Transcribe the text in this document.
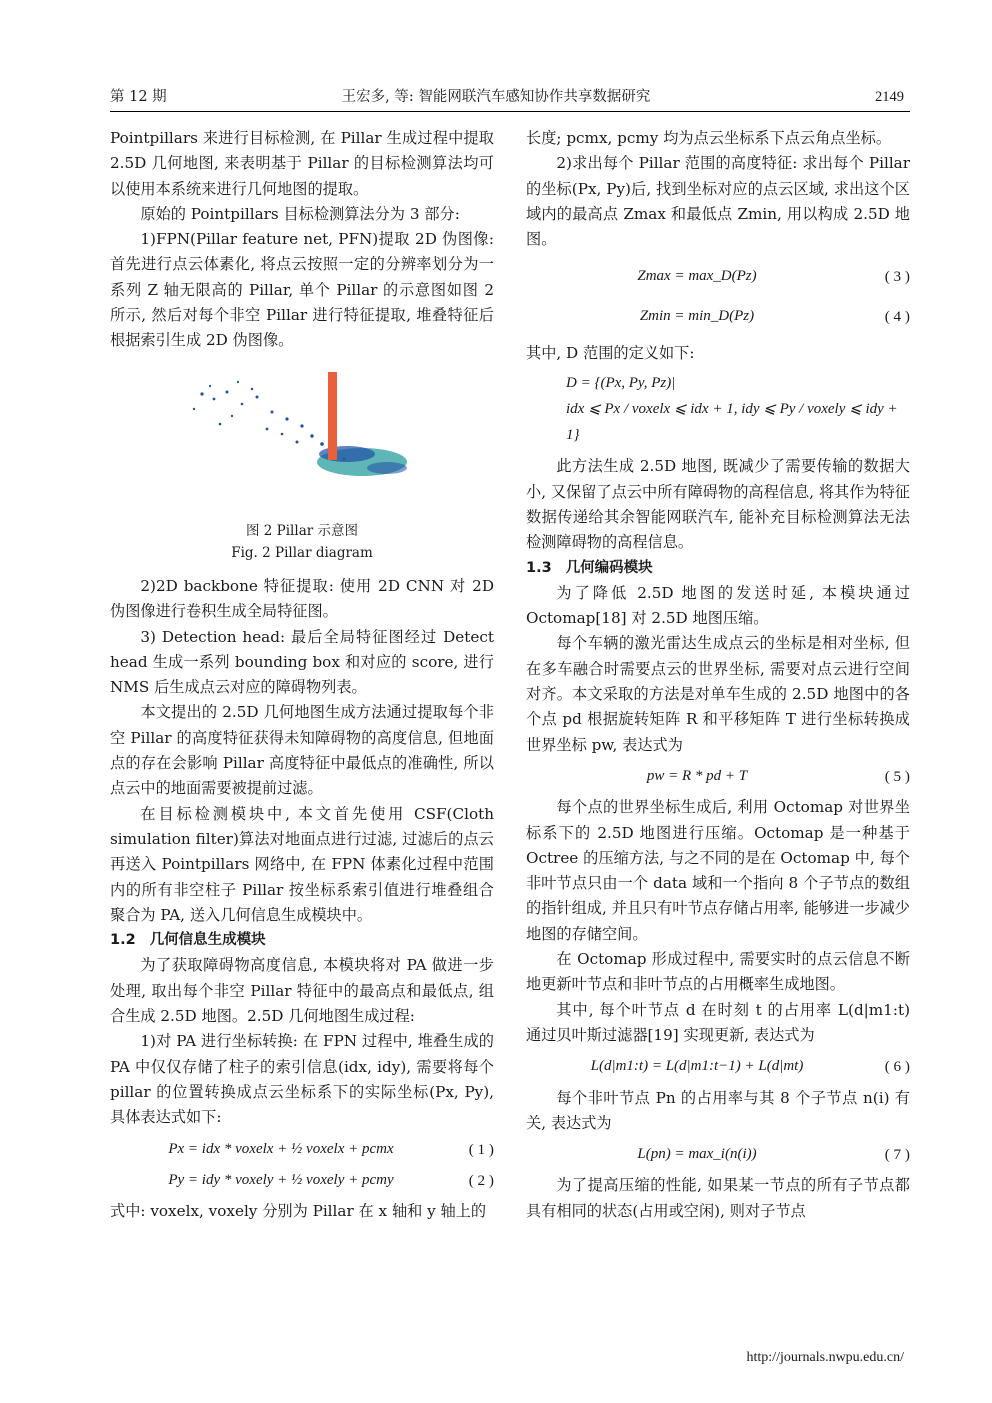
第 12 期	王宏多, 等: 智能网联汽车感知协作共享数据研究	2149

Pointpillars 来进行目标检测, 在 Pillar 生成过程中提取 2.5D 几何地图, 来表明基于 Pillar 的目标检测算法均可以使用本系统来进行几何地图的提取。

原始的 Pointpillars 目标检测算法分为 3 部分:

1)FPN(Pillar feature net, PFN)提取 2D 伪图像: 首先进行点云体素化, 将点云按照一定的分辨率划分为一系列 Z 轴无限高的 Pillar, 单个 Pillar 的示意图如图 2 所示, 然后对每个非空 Pillar 进行特征提取, 堆叠特征后根据索引生成 2D 伪图像。

图 2 Pillar 示意图

Fig. 2 Pillar diagram

2)2D backbone 特征提取: 使用 2D CNN 对 2D 伪图像进行卷积生成全局特征图。

3) Detection head: 最后全局特征图经过 Detect head 生成一系列 bounding box 和对应的 score, 进行 NMS 后生成点云对应的障碍物列表。

本文提出的 2.5D 几何地图生成方法通过提取每个非空 Pillar 的高度特征获得未知障碍物的高度信息, 但地面点的存在会影响 Pillar 高度特征中最低点的准确性, 所以点云中的地面需要被提前过滤。

在目标检测模块中, 本文首先使用 CSF(Cloth simulation filter)算法对地面点进行过滤, 过滤后的点云再送入 Pointpillars 网络中, 在 FPN 体素化过程中范围内的所有非空柱子 Pillar 按坐标系索引值进行堆叠组合聚合为 PA, 送入几何信息生成模块中。

1.2 几何信息生成模块

为了获取障碍物高度信息, 本模块将对 PA 做进一步处理, 取出每个非空 Pillar 特征中的最高点和最低点, 组合生成 2.5D 地图。2.5D 几何地图生成过程:

1)对 PA 进行坐标转换: 在 FPN 过程中, 堆叠生成的 PA 中仅仅存储了柱子的索引信息(idx, idy), 需要将每个 pillar 的位置转换成点云坐标系下的实际坐标(Px, Py), 具体表达式如下:

Px = idx * voxelx + ½ voxelx + pcmx	( 1 )
Py = idy * voxely + ½ voxely + pcmy	( 2 )

式中: voxelx, voxely 分别为 Pillar 在 x 轴和 y 轴上的

长度; pcmx, pcmy 均为点云坐标系下点云角点坐标。

2)求出每个 Pillar 范围的高度特征: 求出每个 Pillar 的坐标(Px, Py)后, 找到坐标对应的点云区域, 求出这个区域内的最高点 Zmax 和最低点 Zmin, 用以构成 2.5D 地图。

Zmax = max_D(Pz)	( 3 )
Zmin = min_D(Pz)	( 4 )

其中, D 范围的定义如下:

D = {(Px, Py, Pz)|
idx ⩽ Px / voxelx ⩽ idx + 1, idy ⩽ Py / voxely ⩽ idy + 1}

此方法生成 2.5D 地图, 既减少了需要传输的数据大小, 又保留了点云中所有障碍物的高程信息, 将其作为特征数据传递给其余智能网联汽车, 能补充目标检测算法无法检测障碍物的高程信息。

1.3 几何编码模块

为了降低 2.5D 地图的发送时延, 本模块通过 Octomap[18] 对 2.5D 地图压缩。

每个车辆的激光雷达生成点云的坐标是相对坐标, 但在多车融合时需要点云的世界坐标, 需要对点云进行空间对齐。本文采取的方法是对单车生成的 2.5D 地图中的各个点 pd 根据旋转矩阵 R 和平移矩阵 T 进行坐标转换成世界坐标 pw, 表达式为

pw = R * pd + T	( 5 )

每个点的世界坐标生成后, 利用 Octomap 对世界坐标系下的 2.5D 地图进行压缩。Octomap 是一种基于 Octree 的压缩方法, 与之不同的是在 Octomap 中, 每个非叶节点只由一个 data 域和一个指向 8 个子节点的数组的指针组成, 并且只有叶节点存储占用率, 能够进一步减少地图的存储空间。

在 Octomap 形成过程中, 需要实时的点云信息不断地更新叶节点和非叶节点的占用概率生成地图。

其中, 每个叶节点 d 在时刻 t 的占用率 L(d|m1:t) 通过贝叶斯过滤器[19] 实现更新, 表达式为

L(d|m1:t) = L(d|m1:t−1) + L(d|mt)	( 6 )

每个非叶节点 Pn 的占用率与其 8 个子节点 n(i) 有关, 表达式为

L(pn) = max_i(n(i))	( 7 )

为了提高压缩的性能, 如果某一节点的所有子节点都具有相同的状态(占用或空闲), 则对子节点

http://journals.nwpu.edu.cn/
